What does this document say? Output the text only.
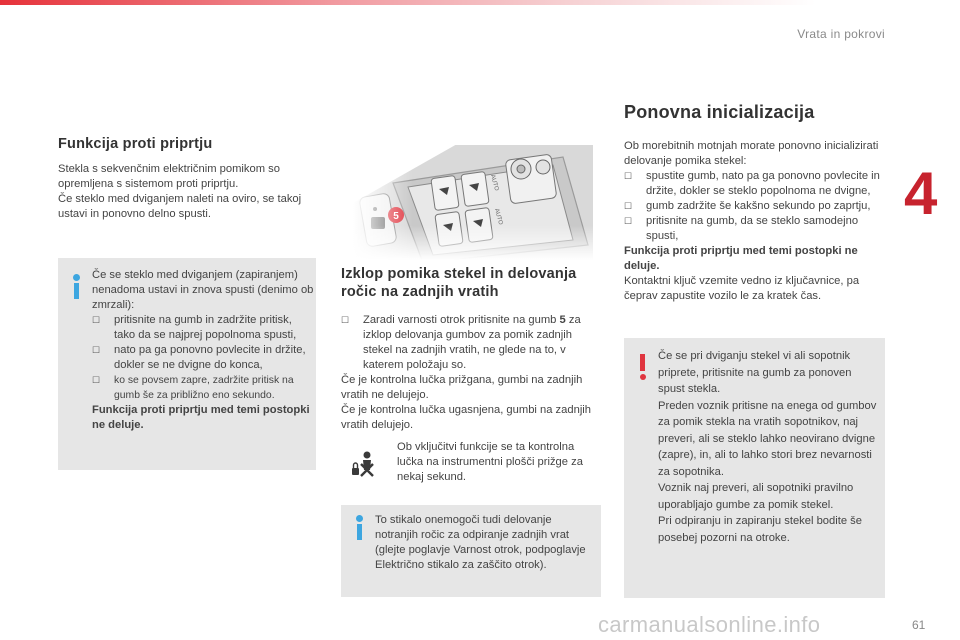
Vrata in pokrovi
4
Funkcija proti priprtju

Stekla s sekvenčnim električnim pomikom so opremljena s sistemom proti priprtju.

Če steklo med dviganjem naleti na oviro, se takoj ustavi in ponovno delno spusti.

Če se steklo med dviganjem (zapiranjem) nenadoma ustavi in znova spusti (denimo ob zmrzali):

☐ pritisnite na gumb in zadržite pritisk, tako da se najprej popolnoma spusti,
☐ nato pa ga ponovno povlecite in držite, dokler se ne dvigne do konca,
☐ ko se povsem zapre, zadržite pritisk na gumb še za približno eno sekundo.

Funkcija proti priprtju med temi postopki ne deluje.

Izklop pomika stekel in delovanja ročic na zadnjih vratih
☐ Zaradi varnosti otrok pritisnite na gumb 5 za izklop delovanja gumbov za pomik zadnjih stekel na zadnjih vratih, ne glede na to, v katerem položaju so.

Če je kontrolna lučka prižgana, gumbi na zadnjih vratih ne delujejo.

Če je kontrolna lučka ugasnjena, gumbi na zadnjih vratih delujejo.

Ob vključitvi funkcije se ta kontrolna lučka na instrumentni plošči prižge za nekaj sekund.

To stikalo onemogoči tudi delovanje notranjih ročic za odpiranje zadnjih vrat (glejte poglavje Varnost otrok, podpoglavje Električno stikalo za zaščito otrok).

Ponovna inicializacija

Ob morebitnih motnjah morate ponovno inicializirati delovanje pomika stekel:

☐ spustite gumb, nato pa ga ponovno povlecite in držite, dokler se steklo popolnoma ne dvigne,
☐ gumb zadržite še kakšno sekundo po zaprtju,
☐ pritisnite na gumb, da se steklo samodejno spusti,

Funkcija proti priprtju med temi postopki ne deluje.

Kontaktni ključ vzemite vedno iz ključavnice, pa čeprav zapustite vozilo le za kratek čas.

Če se pri dviganju stekel vi ali sopotnik priprete, pritisnite na gumb za ponoven spust stekla.

Preden voznik pritisne na enega od gumbov za pomik stekla na vratih sopotnikov, naj preveri, ali se steklo lahko neovirano dvigne (zapre), in, ali to lahko stori brez nevarnosti za sopotnika.

Voznik naj preveri, ali sopotniki pravilno uporabljajo gumbe za pomik stekel.

Pri odpiranju in zapiranju stekel bodite še posebej pozorni na otroke.

carmanualsonline.info	61
